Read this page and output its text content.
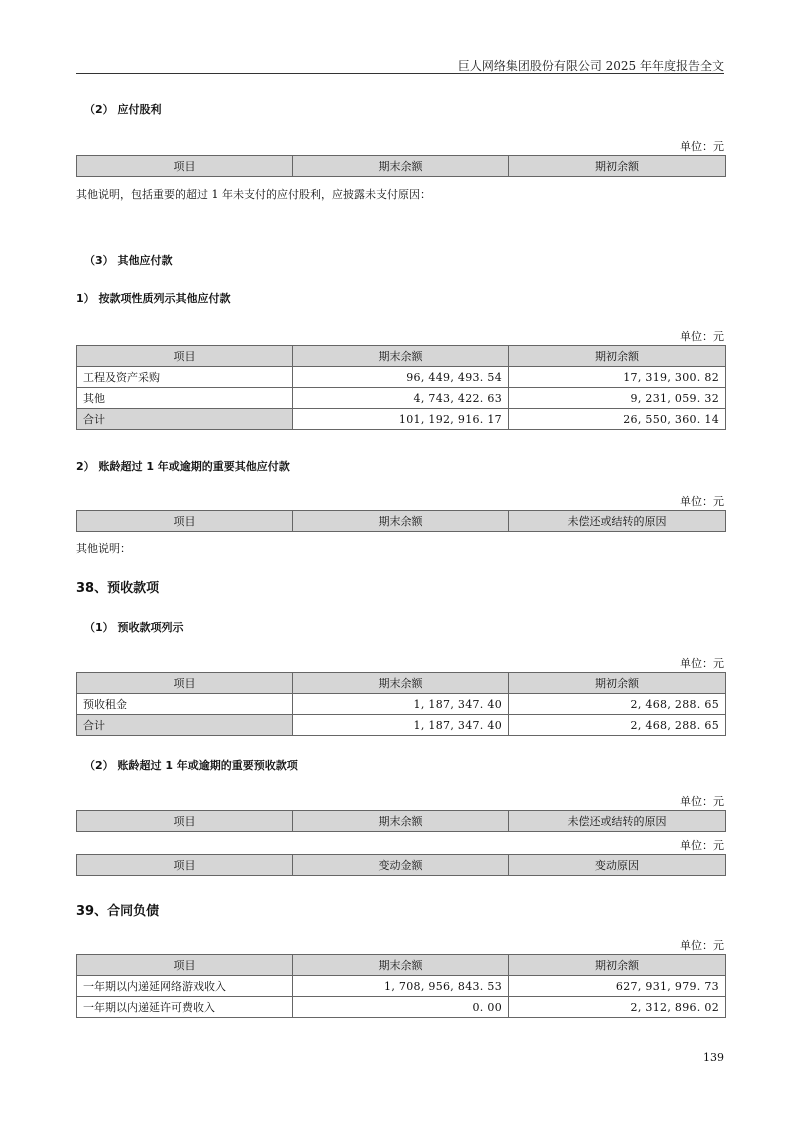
巨人网络集团股份有限公司 2025 年年度报告全文
（2） 应付股利
单位：元
项目	期末余额	期初余额
其他说明，包括重要的超过 1 年未支付的应付股利，应披露未支付原因：
（3） 其他应付款
1） 按款项性质列示其他应付款
单位：元
项目	期末余额	期初余额
工程及资产采购	96, 449, 493. 54	17, 319, 300. 82
其他	4, 743, 422. 63	9, 231, 059. 32
合计	101, 192, 916. 17	26, 550, 360. 14
2） 账龄超过 1 年或逾期的重要其他应付款
单位：元
项目	期末余额	未偿还或结转的原因
其他说明：
38、预收款项
（1） 预收款项列示
单位：元
项目	期末余额	期初余额
预收租金	1, 187, 347. 40	2, 468, 288. 65
合计	1, 187, 347. 40	2, 468, 288. 65
（2） 账龄超过 1 年或逾期的重要预收款项
单位：元
项目	期末余额	未偿还或结转的原因
单位：元
项目	变动金额	变动原因
39、合同负债
单位：元
项目	期末余额	期初余额
一年期以内递延网络游戏收入	1, 708, 956, 843. 53	627, 931, 979. 73
一年期以内递延许可费收入	0. 00	2, 312, 896. 02
139
